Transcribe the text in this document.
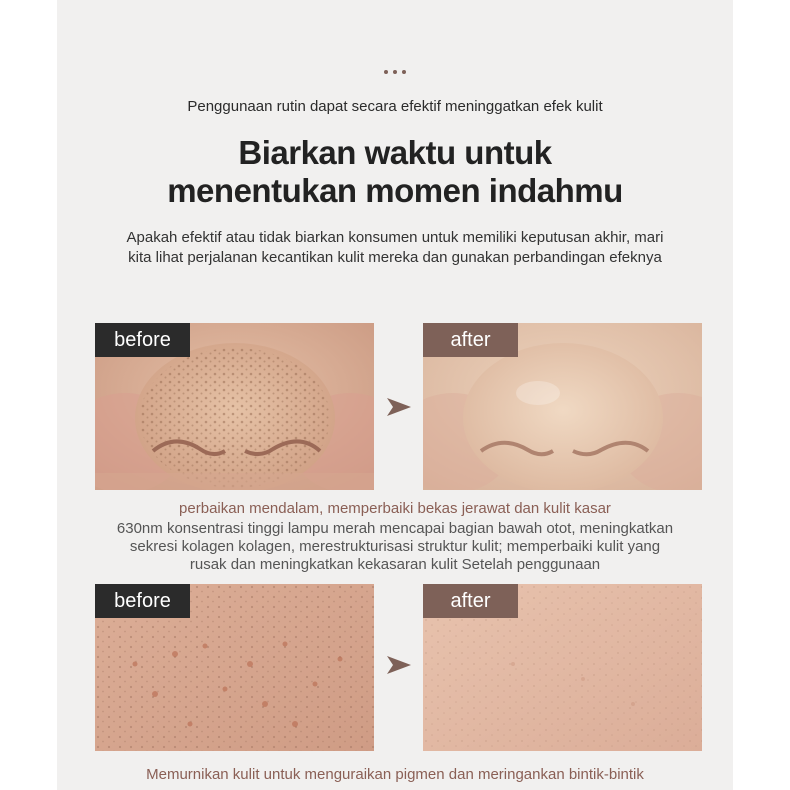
Penggunaan rutin dapat secara efektif meninggatkan efek kulit
Biarkan waktu untuk
menentukan momen indahmu
Apakah efektif atau tidak biarkan konsumen untuk memiliki keputusan akhir, mari
kita lihat perjalanan kecantikan kulit mereka dan gunakan perbandingan efeknya
before	after
perbaikan mendalam, memperbaiki bekas jerawat dan kulit kasar
630nm konsentrasi tinggi lampu merah mencapai bagian bawah otot, meningkatkan
sekresi kolagen kolagen, merestrukturisasi struktur kulit; memperbaiki kulit yang
rusak dan meningkatkan kekasaran kulit Setelah penggunaan
before	after
Memurnikan kulit untuk menguraikan pigmen dan meringankan bintik-bintik
